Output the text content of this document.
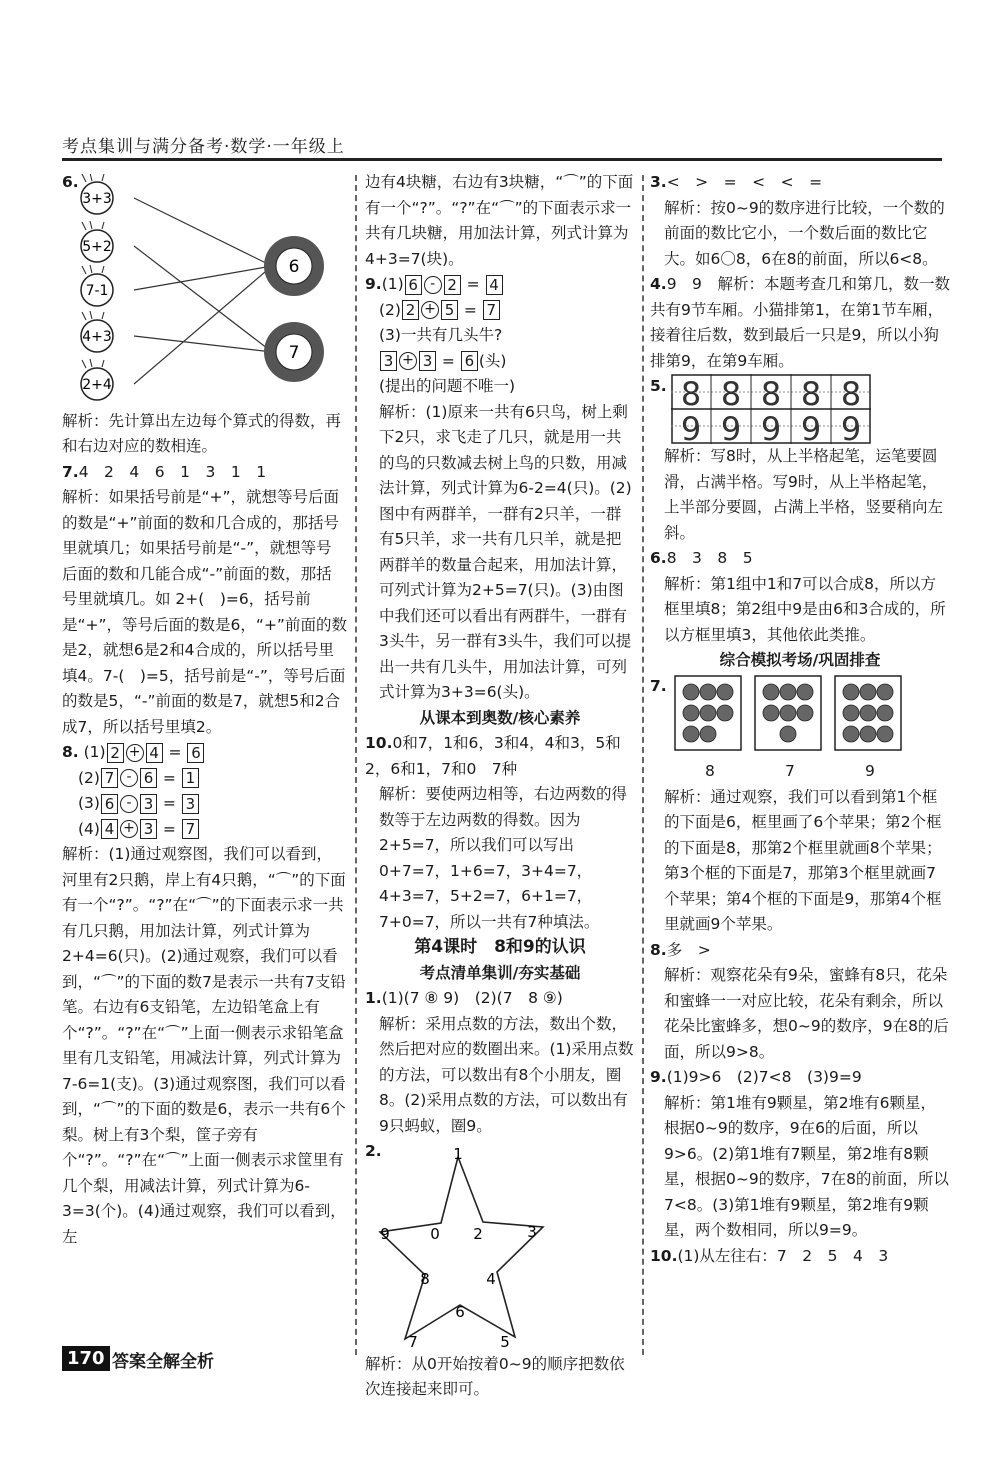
考点集训与满分备考·数学·一年级上
6.
3+3
5+2
7-1
4+3
2+4
6
7

解析：先计算出左边每个算式的得数，再和右边对应的数相连。

7.4　2　4　6　1　3　1　1

解析：如果括号前是“+”，就想等号后面的数是“+”前面的数和几合成的，那括号里就填几；如果括号前是“-”，就想等号后面的数和几能合成“-”前面的数，那括号里就填几。如 2+(　)=6，括号前是“+”，等号后面的数是6，“+”前面的数是2，就想6是2和4合成的，所以括号里填4。7-(　)=5，括号前是“-”，等号后面的数是5，“-”前面的数是7，就想5和2合成7，所以括号里填2。

8. (1) 2 + 4 = 6
(2) 7 - 6 = 1
(3) 6 - 3 = 3
(4) 4 + 3 = 7

解析：(1)通过观察图，我们可以看到，河里有2只鹅，岸上有4只鹅，“⌒”的下面有一个“?”。“?”在“⌒”的下面表示求一共有几只鹅，用加法计算，列式计算为2+4=6(只)。(2)通过观察，我们可以看到，“⌒”的下面的数7是表示一共有7支铅笔。右边有6支铅笔，左边铅笔盒上有个“?”。“?”在“⌒”上面一侧表示求铅笔盒里有几支铅笔，用减法计算，列式计算为7-6=1(支)。(3)通过观察图，我们可以看到，“⌒”的下面的数是6，表示一共有6个梨。树上有3个梨，筐子旁有个“?”。“?”在“⌒”上面一侧表示求筐里有几个梨，用减法计算，列式计算为6-3=3(个)。(4)通过观察，我们可以看到，左

边有4块糖，右边有3块糖，“⌒”的下面有一个“?”。“?”在“⌒”的下面表示求一共有几块糖，用加法计算，列式计算为4+3=7(块)。

9.(1) 6 - 2 = 4
(2) 2 + 5 = 7
(3)一共有几头牛?
3 + 3 = 6 (头)
(提出的问题不唯一)

解析：(1)原来一共有6只鸟，树上剩下2只，求飞走了几只，就是用一共的鸟的只数减去树上鸟的只数，用减法计算，列式计算为6-2=4(只)。(2)图中有两群羊，一群有2只羊，一群有5只羊，求一共有几只羊，就是把两群羊的数量合起来，用加法计算，可列式计算为2+5=7(只)。(3)由图中我们还可以看出有两群牛，一群有3头牛，另一群有3头牛，我们可以提出一共有几头牛，用加法计算，可列式计算为3+3=6(头)。

从课本到奥数/核心素养

10.0和7，1和6，3和4，4和3，5和2，6和1，7和0　7种

解析：要使两边相等，右边两数的得数等于左边两数的得数。因为2+5=7，所以我们可以写出0+7=7，1+6=7，3+4=7，4+3=7，5+2=7，6+1=7，7+0=7，所以一共有7种填法。

第4课时　8和9的认识
考点清单集训/夯实基础

1.(1)(7 ⑧ 9)　(2)(7　8 ⑨)

解析：采用点数的方法，数出个数，然后把对应的数圈出来。(1)采用点数的方法，可以数出有8个小朋友，圈8。(2)采用点数的方法，可以数出有9只蚂蚁，圈9。

2.	1
0 2	3
9
8	4
6
7	5

解析：从0开始按着0~9的顺序把数依次连接起来即可。

3.<　>　=　<　<　=

解析：按0~9的数序进行比较，一个数的前面的数比它小，一个数后面的数比它大。如6〇8，6在8的前面，所以6<8。

4.9　9　 解析：本题考查几和第几，数一数共有9节车厢。小猫排第1，在第1节车厢，接着往后数，数到最后一只是9，所以小狗排第9，在第9车厢。

5. 8 8 8 8 8
9 9 9 9 9

解析：写8时，从上半格起笔，运笔要圆滑，占满半格。写9时，从上半格起笔，上半部分要圆，占满上半格，竖要稍向左斜。

6.8　3　8　5

解析：第1组中1和7可以合成8，所以方框里填8；第2组中9是由6和3合成的，所以方框里填3，其他依此类推。

综合模拟考场/巩固排查
7.
8	7	9

解析：通过观察，我们可以看到第1个框的下面是6，框里画了6个苹果；第2个框的下面是8，那第2个框里就画8个苹果；第3个框的下面是7，那第3个框里就画7个苹果；第4个框的下面是9，那第4个框里就画9个苹果。

8.多　>

解析：观察花朵有9朵，蜜蜂有8只，花朵和蜜蜂一一对应比较，花朵有剩余，所以花朵比蜜蜂多，想0~9的数序，9在8的后面，所以9>8。

9.(1)9>6　(2)7<8　(3)9=9

解析：第1堆有9颗星，第2堆有6颗星，根据0~9的数序，9在6的后面，所以9>6。(2)第1堆有7颗星，第2堆有8颗星，根据0~9的数序，7在8的前面，所以7<8。(3)第1堆有9颗星，第2堆有9颗星，两个数相同，所以9=9。

10.(1)从左往右：7　2　5　4　3

170 答案全解全析
